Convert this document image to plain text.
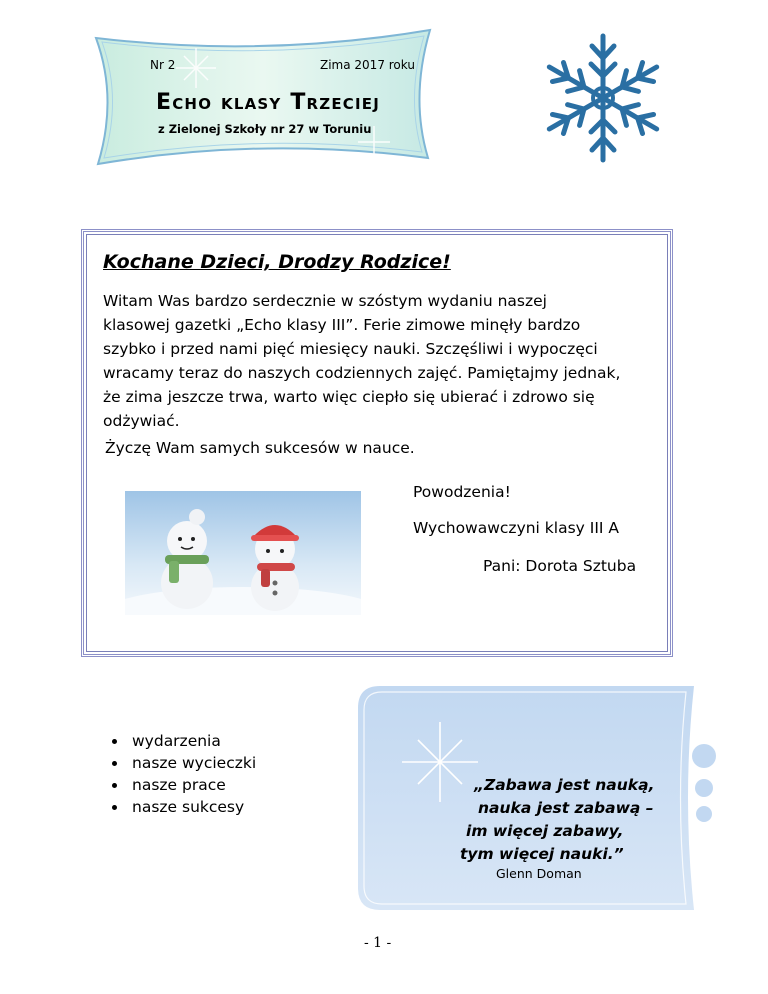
Nr 2	Zima 2017 roku
Echo klasy Trzeciej
z Zielonej Szkoły nr 27 w Toruniu
Kochane Dzieci, Drodzy Rodzice!
Witam Was bardzo serdecznie w szóstym wydaniu naszej
klasowej gazetki „Echo klasy III”. Ferie zimowe minęły bardzo
szybko i przed nami pięć miesięcy nauki. Szczęśliwi i wypoczęci
wracamy teraz do naszych codziennych zajęć. Pamiętajmy jednak,
że zima jeszcze trwa, warto więc ciepło się ubierać i zdrowo się
odżywiać.
Życzę Wam samych sukcesów w nauce.
Powodzenia!
Wychowawczyni klasy III A
Pani: Dorota Sztuba
wydarzenia
nasze wycieczki
nasze prace
nasze sukcesy
„Zabawa jest nauką,
nauka jest zabawą –
im więcej zabawy,
tym więcej nauki.”
Glenn Doman
- 1 -
